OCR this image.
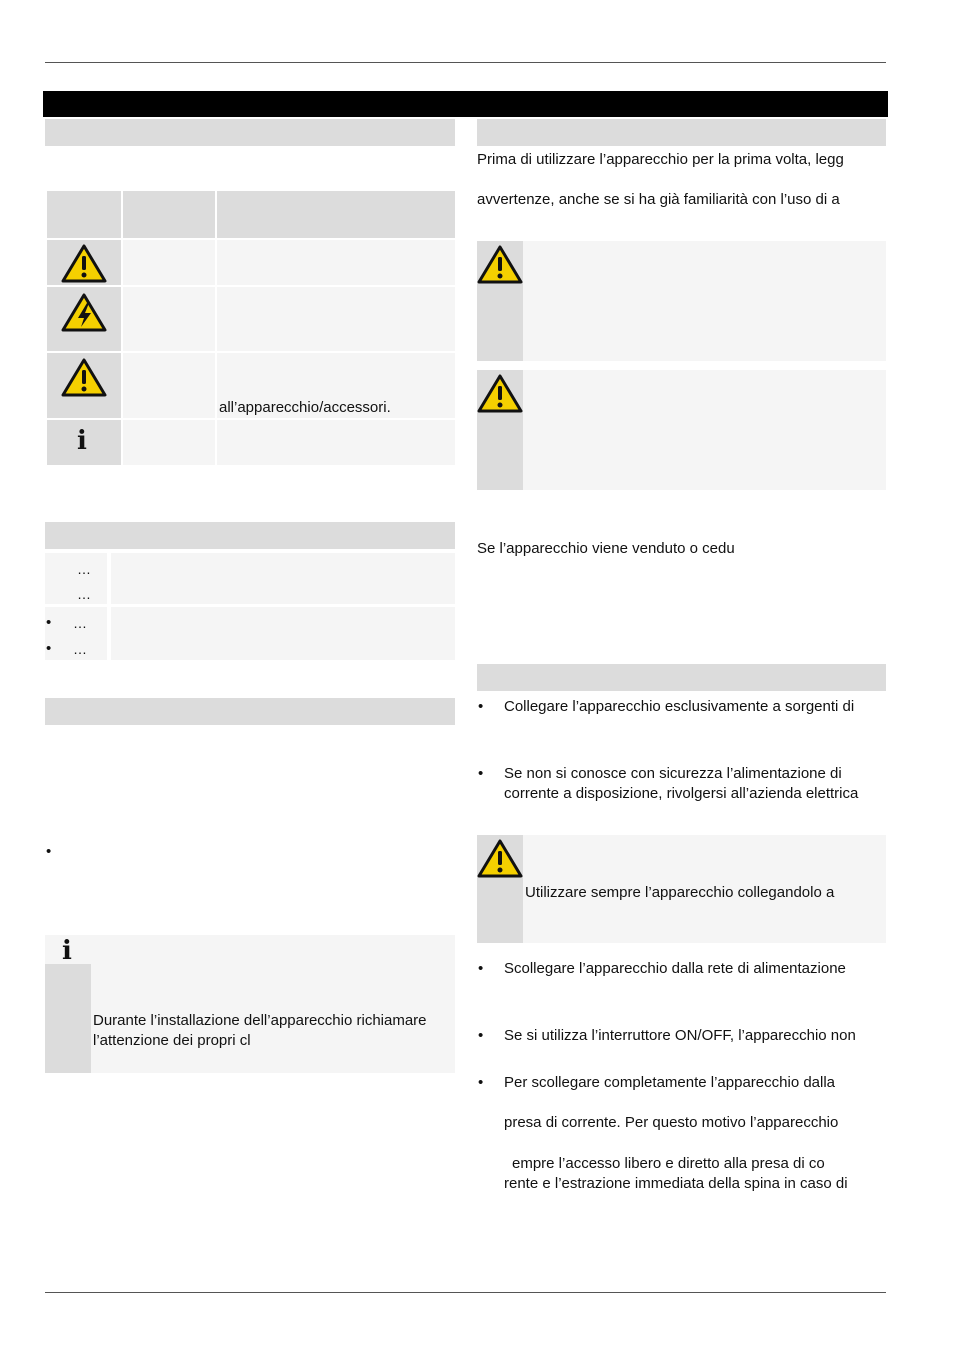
all’apparecchio/accessori.
i
…
…
• …
• …
•
i
Durante l’installazione dell’apparecchio richiamare
l’attenzione dei propri cl
Prima di utilizzare l’apparecchio per la prima volta, legg
avvertenze, anche se si ha già familiarità con l’uso di a
Se l’apparecchio viene venduto o cedu
• Collegare l’apparecchio esclusivamente a sorgenti di
• Se non si conosce con sicurezza l’alimentazione di
corrente a disposizione, rivolgersi all’azienda elettrica
Utilizzare sempre l’apparecchio collegandolo a
• Scollegare l’apparecchio dalla rete di alimentazione
• Se si utilizza l’interruttore ON/OFF, l’apparecchio non
• Per scollegare completamente l’apparecchio dalla
presa di corrente. Per questo motivo l’apparecchio
empre l’accesso libero e diretto alla presa di co
rente e l’estrazione immediata della spina in caso di
